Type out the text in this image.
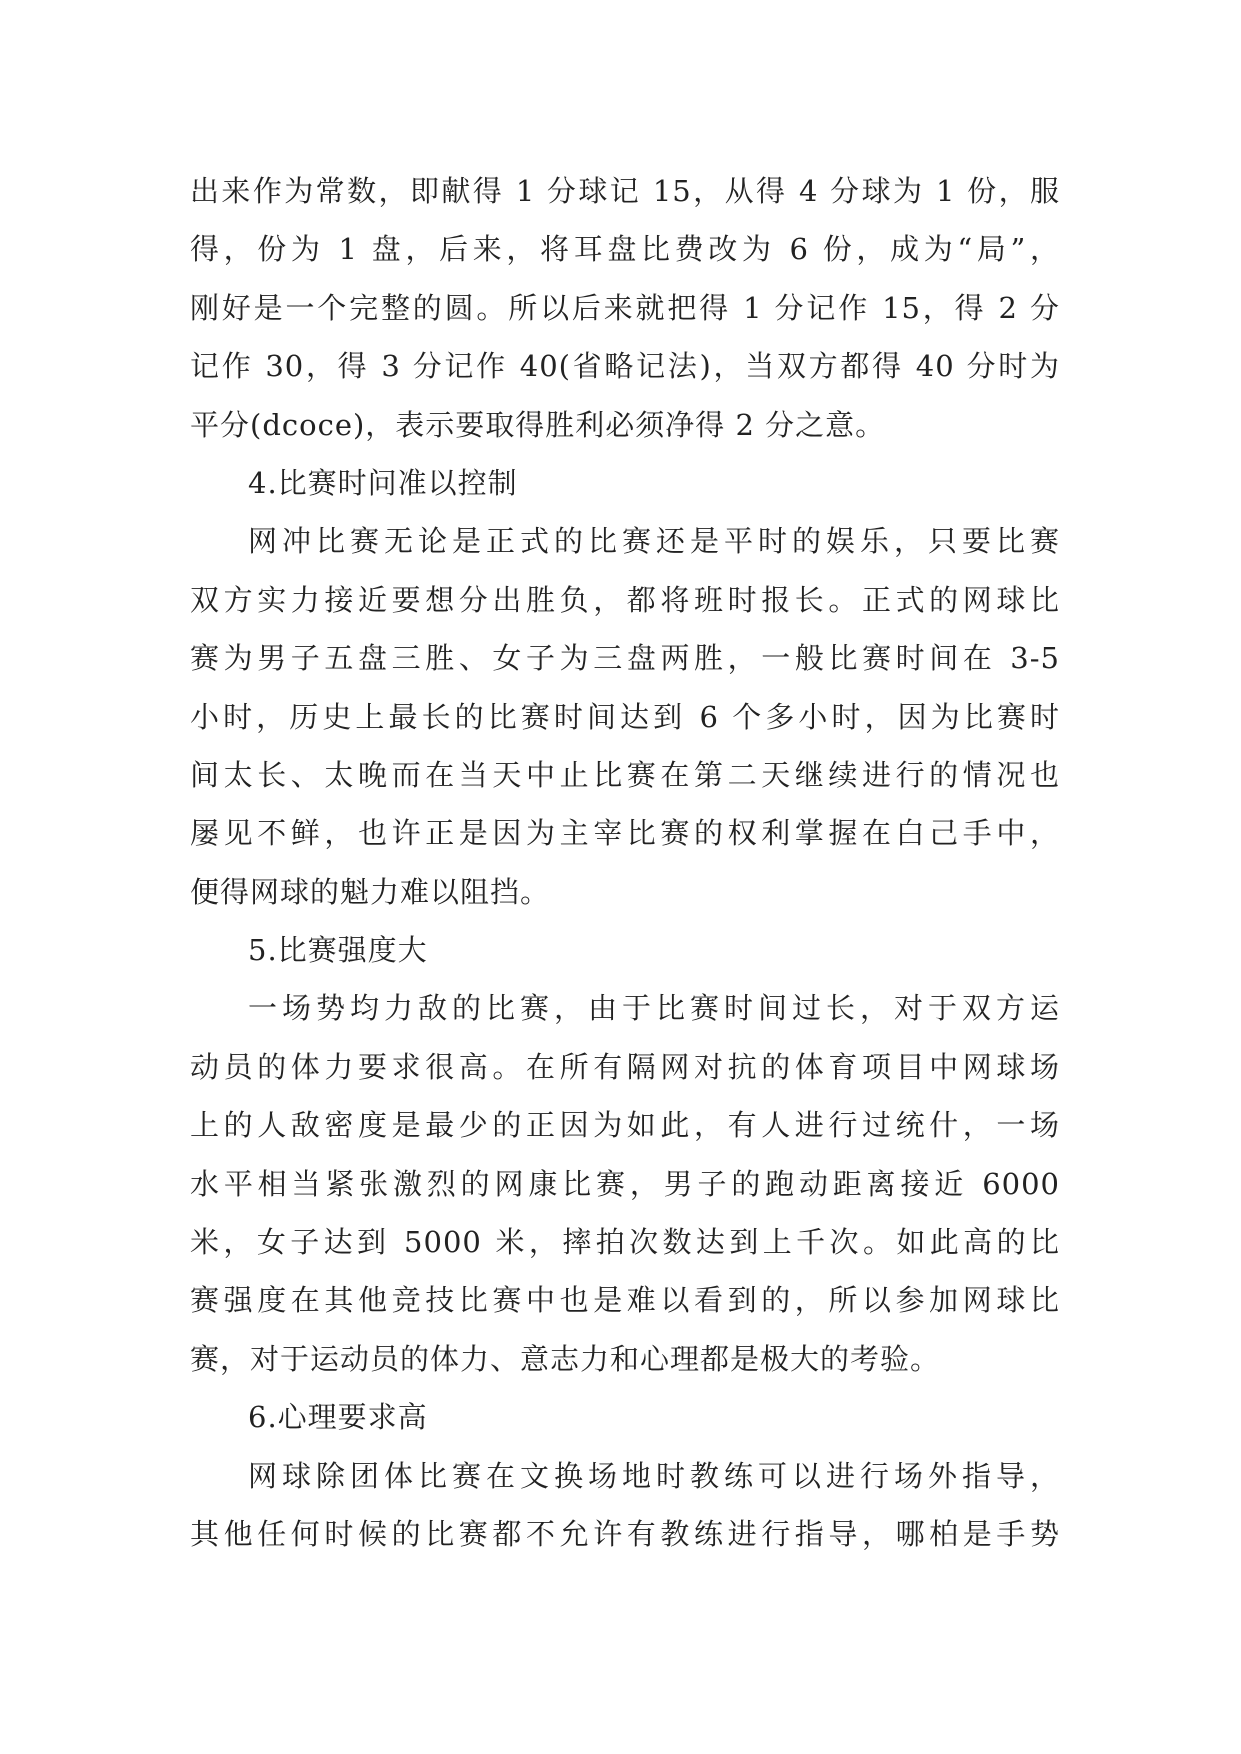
出来作为常数，即献得 1 分球记 15，从得 4 分球为 1 份，服
得，份为 1 盘，后来，将耳盘比费改为 6 份，成为“局”，
刚好是一个完整的圆。所以后来就把得 1 分记作 15，得 2 分
记作 30，得 3 分记作 40(省略记法)，当双方都得 40 分时为
平分(dcoce)，表示要取得胜利必须净得 2 分之意。
4.比赛时问准以控制
网冲比赛无论是正式的比赛还是平时的娱乐，只要比赛
双方实力接近要想分出胜负，都将班时报长。正式的网球比
赛为男子五盘三胜、女子为三盘两胜，一般比赛时间在 3-5
小时，历史上最长的比赛时间达到 6 个多小时，因为比赛时
间太长、太晚而在当天中止比赛在第二天继续进行的情况也
屡见不鲜，也许正是因为主宰比赛的权利掌握在白己手中，
便得网球的魁力难以阻挡。
5.比赛强度大
一场势均力敌的比赛，由于比赛时间过长，对于双方运
动员的体力要求很高。在所有隔网对抗的体育项目中网球场
上的人敌密度是最少的正因为如此，有人进行过统什，一场
水平相当紧张激烈的网康比赛，男子的跑动距离接近 6000
米，女子达到 5000 米，摔拍次数达到上千次。如此高的比
赛强度在其他竞技比赛中也是难以看到的，所以参加网球比
赛，对于运动员的体力、意志力和心理都是极大的考验。
6.心理要求高
网球除团体比赛在文换场地时教练可以进行场外指导，
其他任何时候的比赛都不允许有教练进行指导，哪柏是手势
